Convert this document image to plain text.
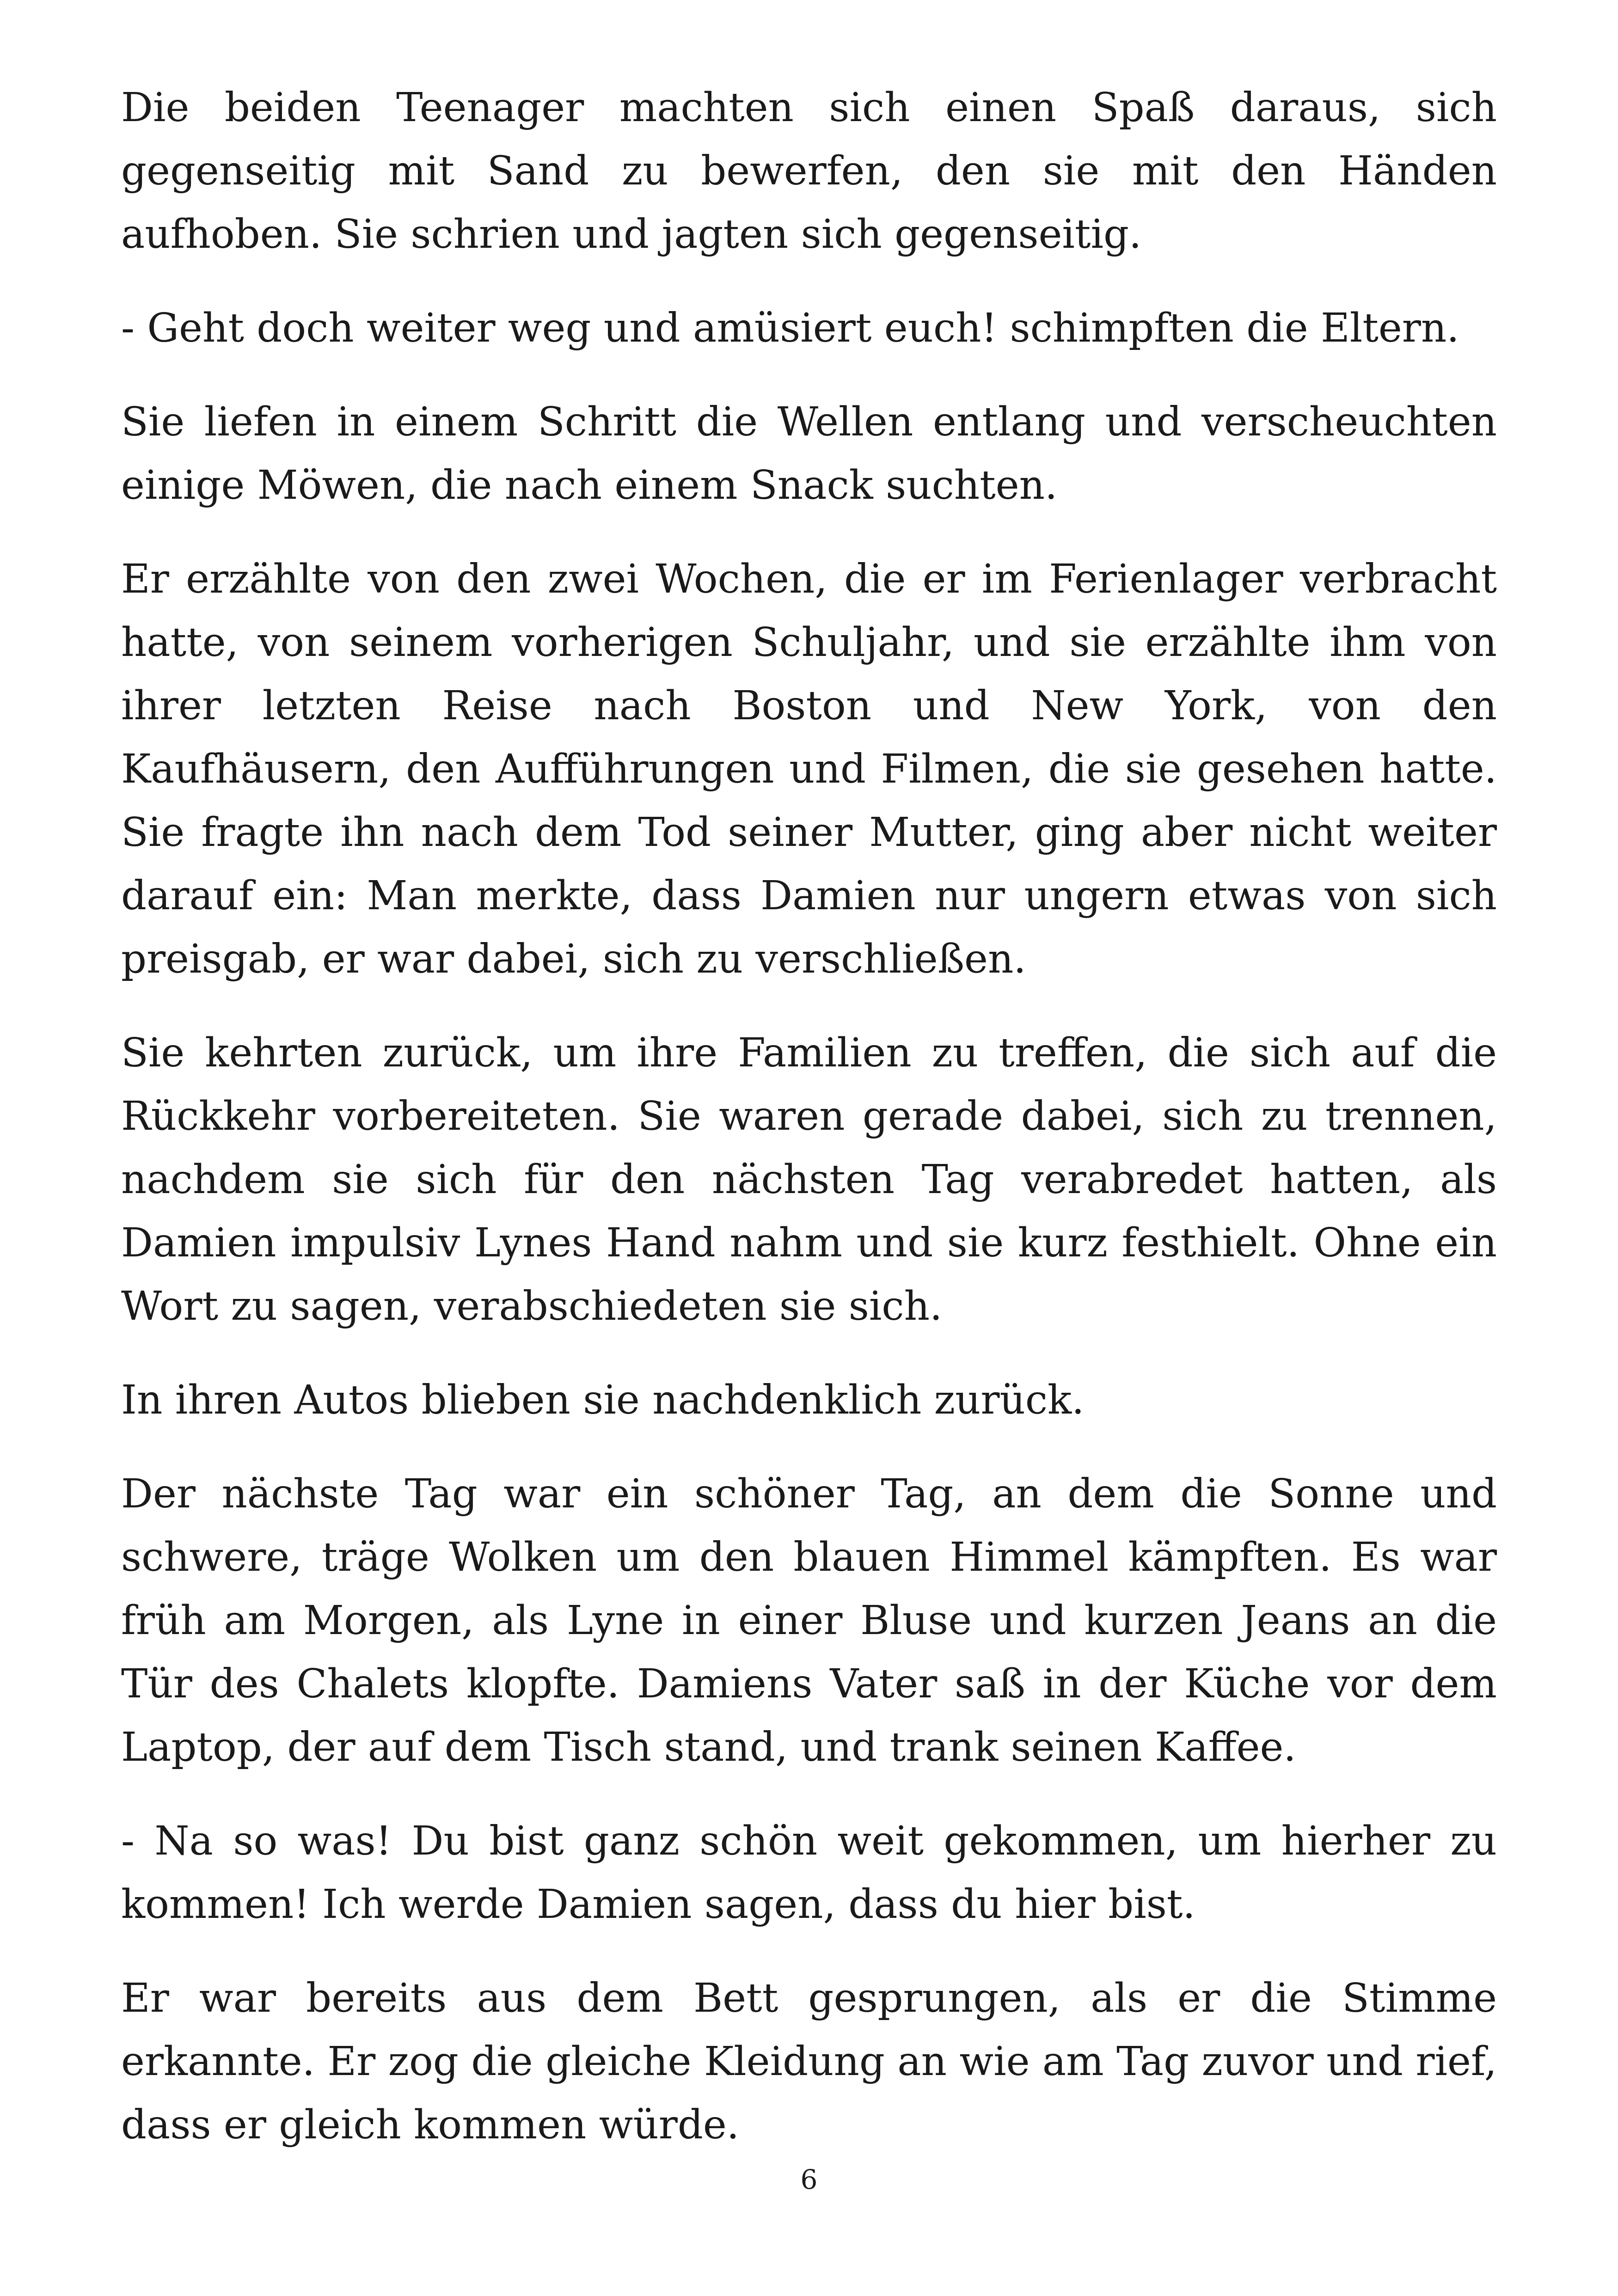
Die beiden Teenager machten sich einen Spaß daraus, sich gegenseitig mit Sand zu bewerfen, den sie mit den Händen aufhoben. Sie schrien und jagten sich gegenseitig.

- Geht doch weiter weg und amüsiert euch! schimpften die Eltern.

Sie liefen in einem Schritt die Wellen entlang und verscheuchten einige Möwen, die nach einem Snack suchten.

Er erzählte von den zwei Wochen, die er im Ferienlager verbracht hatte, von seinem vorherigen Schuljahr, und sie erzählte ihm von ihrer letzten Reise nach Boston und New York, von den Kaufhäusern, den Aufführungen und Filmen, die sie gesehen hatte. Sie fragte ihn nach dem Tod seiner Mutter, ging aber nicht weiter darauf ein: Man merkte, dass Damien nur ungern etwas von sich preisgab, er war dabei, sich zu verschließen.

Sie kehrten zurück, um ihre Familien zu treffen, die sich auf die Rückkehr vorbereiteten. Sie waren gerade dabei, sich zu trennen, nachdem sie sich für den nächsten Tag verabredet hatten, als Damien impulsiv Lynes Hand nahm und sie kurz festhielt. Ohne ein Wort zu sagen, verabschiedeten sie sich.

In ihren Autos blieben sie nachdenklich zurück.

Der nächste Tag war ein schöner Tag, an dem die Sonne und schwere, träge Wolken um den blauen Himmel kämpften. Es war früh am Morgen, als Lyne in einer Bluse und kurzen Jeans an die Tür des Chalets klopfte. Damiens Vater saß in der Küche vor dem Laptop, der auf dem Tisch stand, und trank seinen Kaffee.

- Na so was! Du bist ganz schön weit gekommen, um hierher zu kommen! Ich werde Damien sagen, dass du hier bist.

Er war bereits aus dem Bett gesprungen, als er die Stimme erkannte. Er zog die gleiche Kleidung an wie am Tag zuvor und rief, dass er gleich kommen würde.

6
